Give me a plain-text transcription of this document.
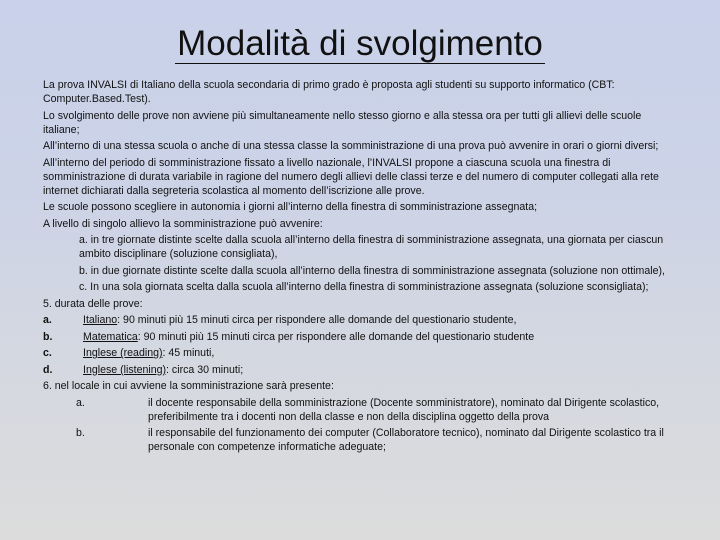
Modalità di svolgimento

La prova INVALSI di Italiano della scuola secondaria di primo grado è proposta agli studenti su supporto informatico (CBT: Computer.Based.Test).

Lo svolgimento delle prove non avviene più simultaneamente nello stesso giorno e alla stessa ora per tutti gli allievi delle scuole italiane;

All’interno di una stessa scuola o anche di una stessa classe la somministrazione di una prova può avvenire in orari o giorni diversi;

All’interno del periodo di somministrazione fissato a livello nazionale, l’INVALSI propone a ciascuna scuola una finestra di somministrazione di durata variabile in ragione del numero degli allievi delle classi terze e del numero di computer collegati alla rete internet dichiarati dalla segreteria scolastica al momento dell’iscrizione alle prove.

Le scuole possono scegliere in autonomia i giorni all’interno della finestra di somministrazione assegnata;

A livello di singolo allievo la somministrazione può avvenire:

a. in tre giornate distinte scelte dalla scuola all’interno della finestra di somministrazione assegnata, una giornata per ciascun ambito disciplinare (soluzione consigliata),

b. in due giornate distinte scelte dalla scuola all’interno della finestra di somministrazione assegnata (soluzione non ottimale),

c. In una sola giornata scelta dalla scuola all’interno della finestra di somministrazione assegnata (soluzione sconsigliata);

5. durata delle prove:

a.	Italiano: 90 minuti più 15 minuti circa per rispondere alle domande del questionario studente,
b.	Matematica: 90 minuti più 15 minuti circa per rispondere alle domande del questionario studente
c.	Inglese (reading): 45 minuti,
d.	Inglese (listening): circa 30 minuti;

6. nel locale in cui avviene la somministrazione sarà presente:

a.	il docente responsabile della somministrazione (Docente somministratore), nominato dal Dirigente scolastico, preferibilmente tra i docenti non della classe e non della disciplina oggetto della prova
b.	il responsabile del funzionamento dei computer (Collaboratore tecnico), nominato dal Dirigente scolastico tra il personale con competenze informatiche adeguate;
